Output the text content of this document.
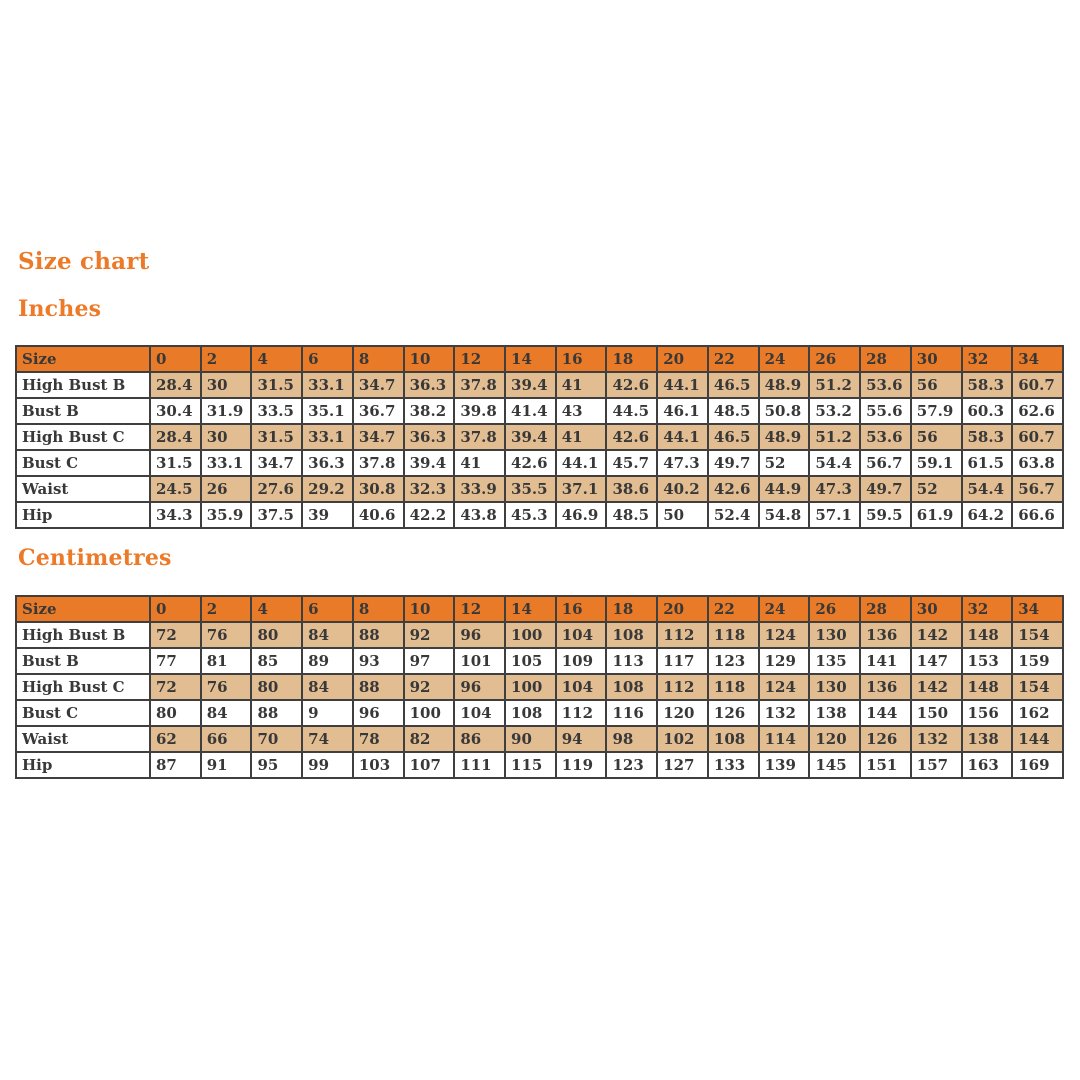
Size chart
Inches
Size	0	2	4	6	8	10	12	14	16	18	20	22	24	26	28	30	32	34
High Bust B	28.4	30	31.5	33.1	34.7	36.3	37.8	39.4	41	42.6	44.1	46.5	48.9	51.2	53.6	56	58.3	60.7
Bust B	30.4	31.9	33.5	35.1	36.7	38.2	39.8	41.4	43	44.5	46.1	48.5	50.8	53.2	55.6	57.9	60.3	62.6
High Bust C	28.4	30	31.5	33.1	34.7	36.3	37.8	39.4	41	42.6	44.1	46.5	48.9	51.2	53.6	56	58.3	60.7
Bust C	31.5	33.1	34.7	36.3	37.8	39.4	41	42.6	44.1	45.7	47.3	49.7	52	54.4	56.7	59.1	61.5	63.8
Waist	24.5	26	27.6	29.2	30.8	32.3	33.9	35.5	37.1	38.6	40.2	42.6	44.9	47.3	49.7	52	54.4	56.7
Hip	34.3	35.9	37.5	39	40.6	42.2	43.8	45.3	46.9	48.5	50	52.4	54.8	57.1	59.5	61.9	64.2	66.6
Centimetres
Size	0	2	4	6	8	10	12	14	16	18	20	22	24	26	28	30	32	34
High Bust B	72	76	80	84	88	92	96	100	104	108	112	118	124	130	136	142	148	154
Bust B	77	81	85	89	93	97	101	105	109	113	117	123	129	135	141	147	153	159
High Bust C	72	76	80	84	88	92	96	100	104	108	112	118	124	130	136	142	148	154
Bust C	80	84	88	9	96	100	104	108	112	116	120	126	132	138	144	150	156	162
Waist	62	66	70	74	78	82	86	90	94	98	102	108	114	120	126	132	138	144
Hip	87	91	95	99	103	107	111	115	119	123	127	133	139	145	151	157	163	169
